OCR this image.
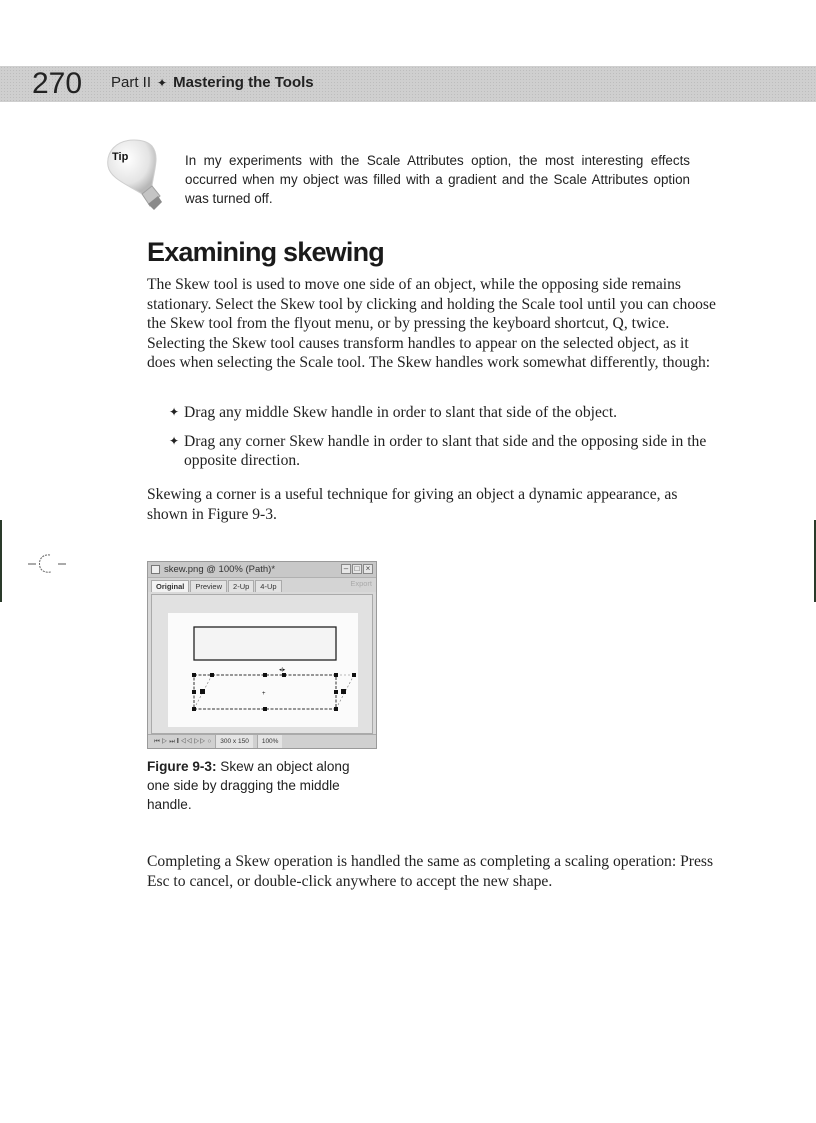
270 Part II ✦ Mastering the Tools
Tip	In my experiments with the Scale Attributes option, the most interesting effects occurred when my object was filled with a gradient and the Scale Attributes option was turned off.
Examining skewing
The Skew tool is used to move one side of an object, while the opposing side remains stationary. Select the Skew tool by clicking and holding the Scale tool until you can choose the Skew tool from the flyout menu, or by pressing the keyboard shortcut, Q, twice. Selecting the Skew tool causes transform handles to appear on the selected object, as it does when selecting the Scale tool. The Skew handles work somewhat differently, though:
✦ Drag any middle Skew handle in order to slant that side of the object.
✦ Drag any corner Skew handle in order to slant that side and the opposing side in the opposite direction.
Skewing a corner is a useful technique for giving an object a dynamic appearance, as shown in Figure 9-3.
skew.png @ 100% (Path)*	– □ ×
Original	Preview	2-Up	4-Up	Export
◂|▸
+
⏮ ▷ ⏭ ❙ ◁◁ ▷▷ ○	300 x 150	100%
Figure 9-3: Skew an object along one side by dragging the middle handle.
Completing a Skew operation is handled the same as completing a scaling operation: Press Esc to cancel, or double-click anywhere to accept the new shape.
